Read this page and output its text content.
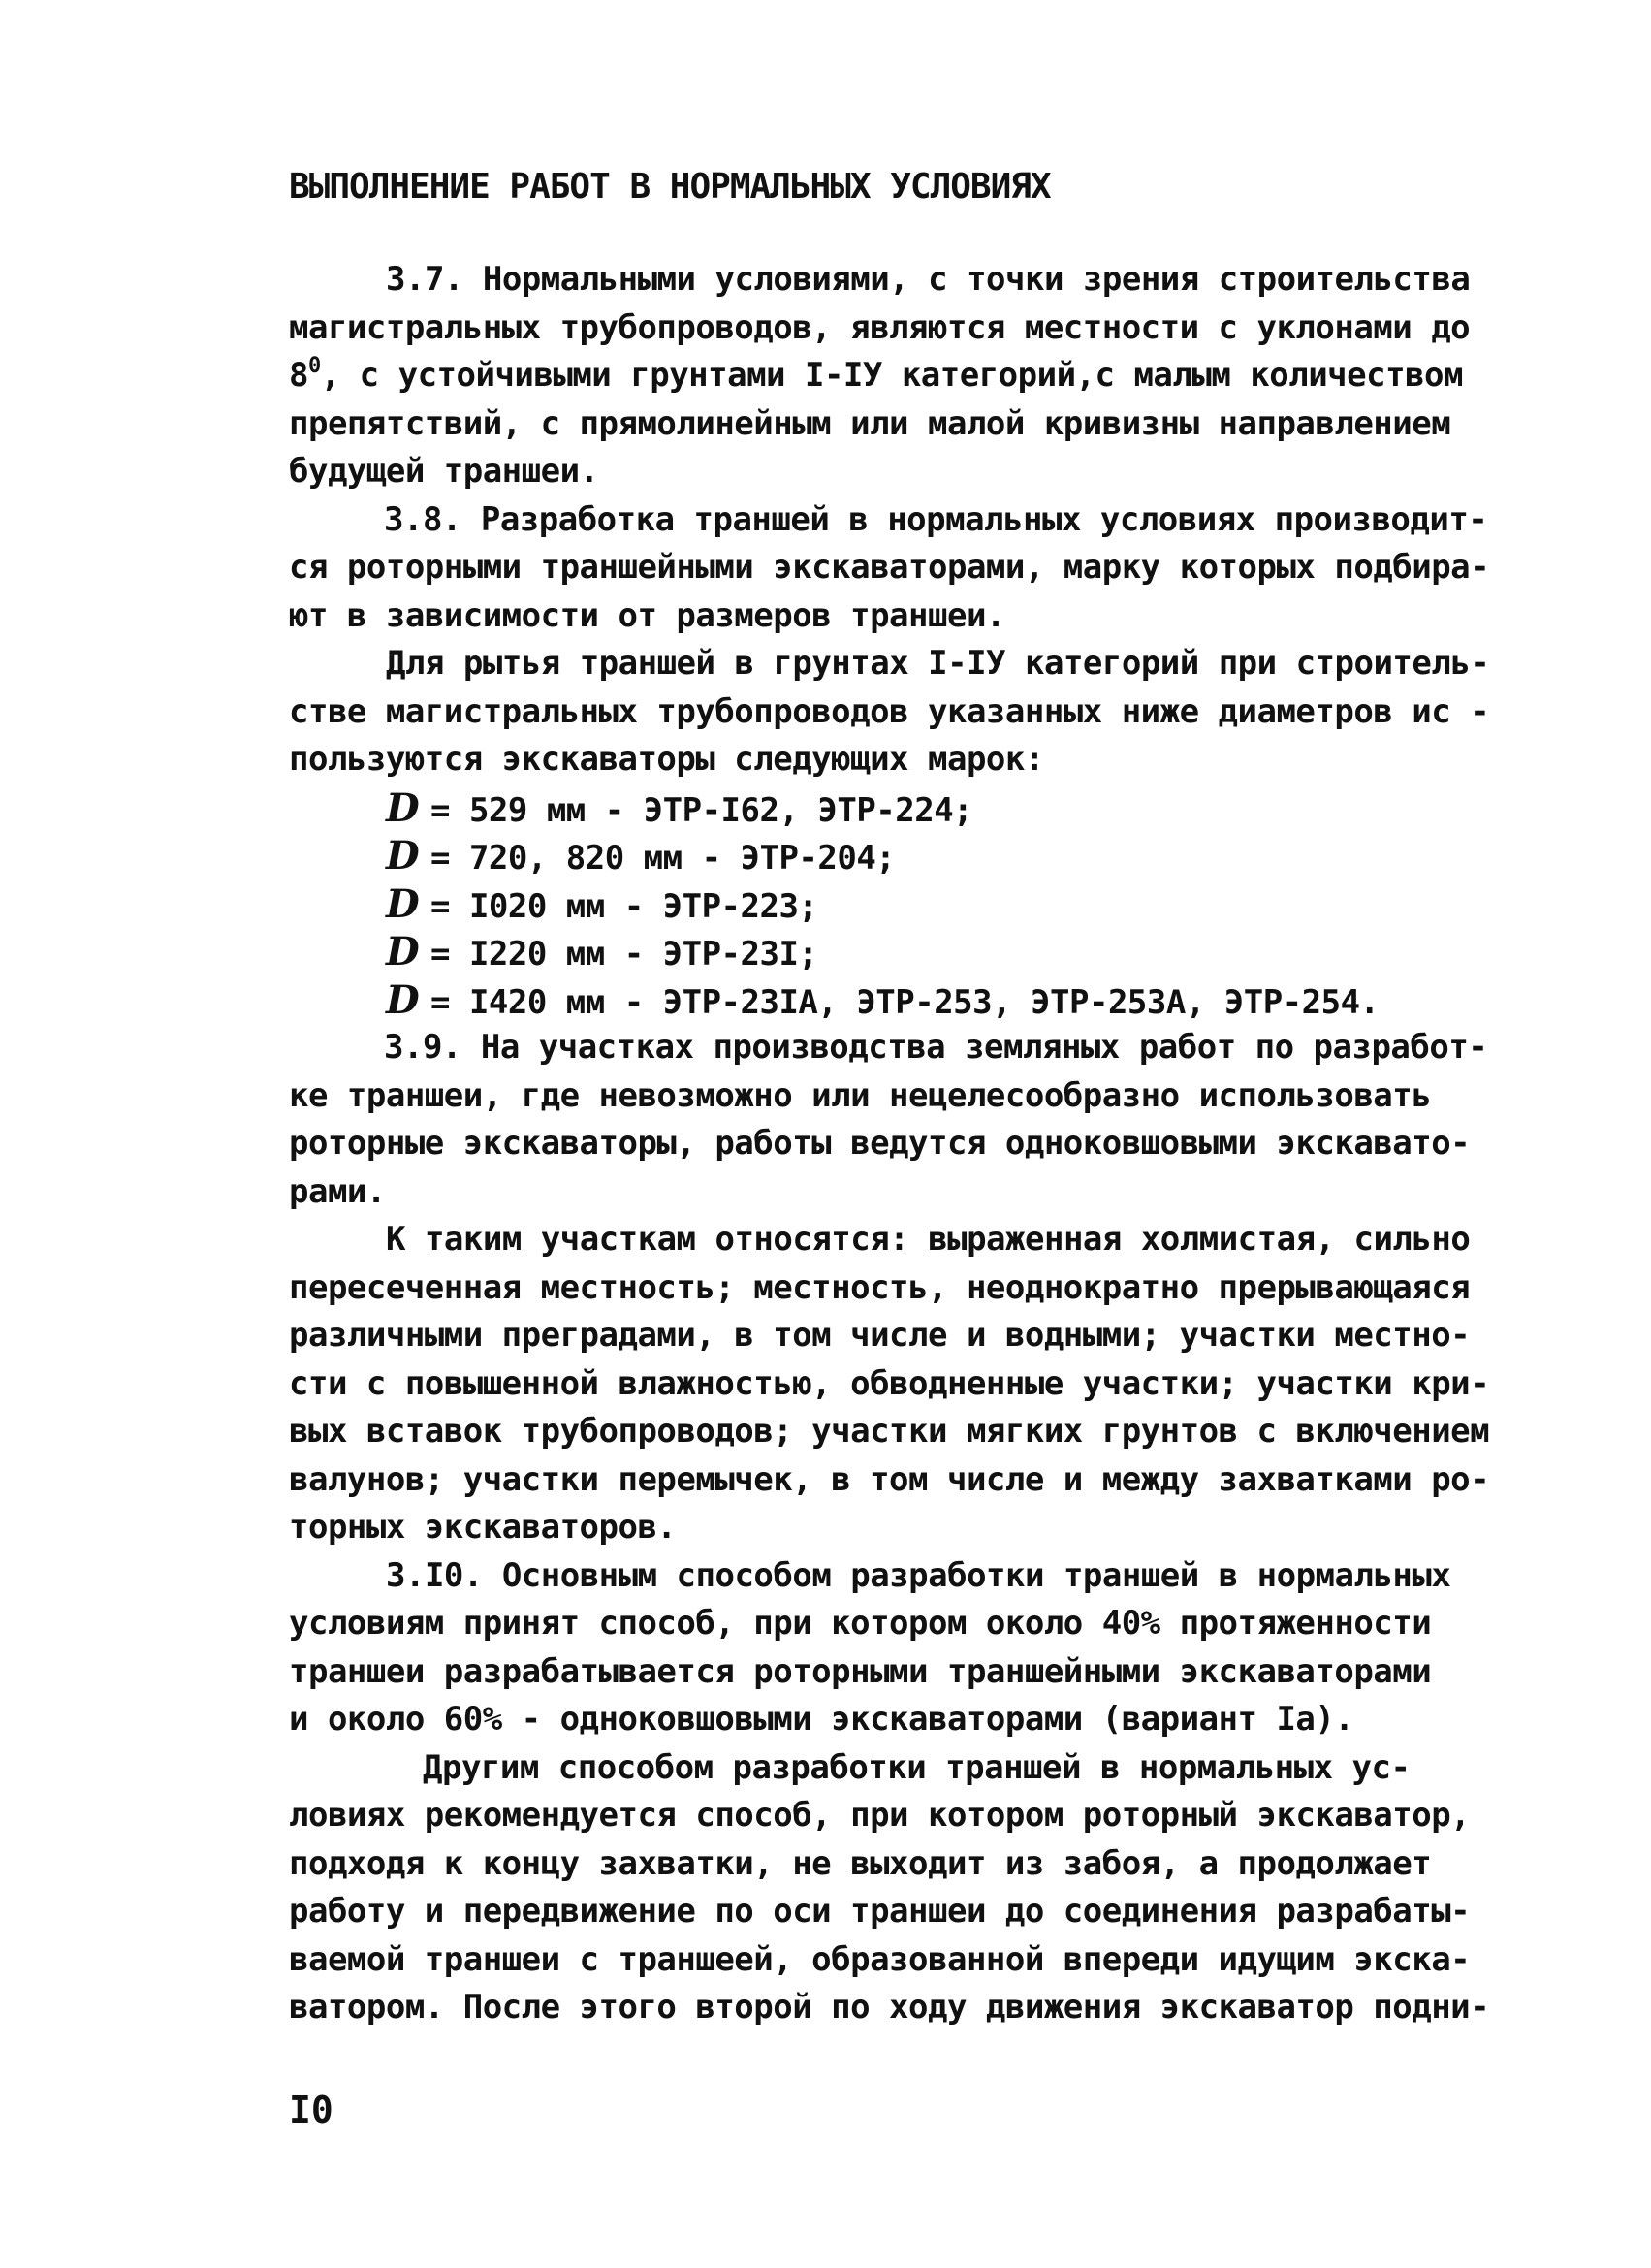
ВЫПОЛНЕНИЕ РАБОТ В НОРМАЛЬНЫХ УСЛОВИЯХ
3.7. Нормальными условиями, с точки зрения строительства
магистральных трубопроводов, являются местности с уклонами до
$8^0$, с устойчивыми грунтами I-IУ категорий,с малым количеством
препятствий, с прямолинейным или малой кривизны направлением
будущей траншеи.
3.8. Разработка траншей в нормальных условиях производит-
ся роторными траншейными экскаваторами, марку которых подбира-
ют в зависимости от размеров траншеи.
Для рытья траншей в грунтах I-IУ категорий при строитель-
стве магистральных трубопроводов указанных ниже диаметров ис -
пользуются экскаваторы следующих марок:
D = 529 мм - ЭТР-I62, ЭТР-224;
D = 720, 820 мм - ЭТР-204;
D = I020 мм - ЭТР-223;
D = I220 мм - ЭТР-23I;
D = I420 мм - ЭТР-23IА, ЭТР-253, ЭТР-253А, ЭТР-254.
3.9. На участках производства земляных работ по разработ-
ке траншеи, где невозможно или нецелесообразно использовать
роторные экскаваторы, работы ведутся одноковшовыми экскавато-
рами.
К таким участкам относятся: выраженная холмистая, сильно
пересеченная местность; местность, неоднократно прерывающаяся
различными преградами, в том числе и водными; участки местно-
сти с повышенной влажностью, обводненные участки; участки кри-
вых вставок трубопроводов; участки мягких грунтов с включением
валунов; участки перемычек, в том числе и между захватками ро-
торных экскаваторов.
3.I0. Основным способом разработки траншей в нормальных
условиям принят способ, при котором около 40% протяженности
траншеи разрабатывается роторными траншейными экскаваторами
и около 60% - одноковшовыми экскаваторами (вариант Iа).
Другим способом разработки траншей в нормальных ус-
ловиях рекомендуется способ, при котором роторный экскаватор,
подходя к концу захватки, не выходит из забоя, а продолжает
работу и передвижение по оси траншеи до соединения разрабаты-
ваемой траншеи с траншеей, образованной впереди идущим экска-
ватором. После этого второй по ходу движения экскаватор подни-
I0
